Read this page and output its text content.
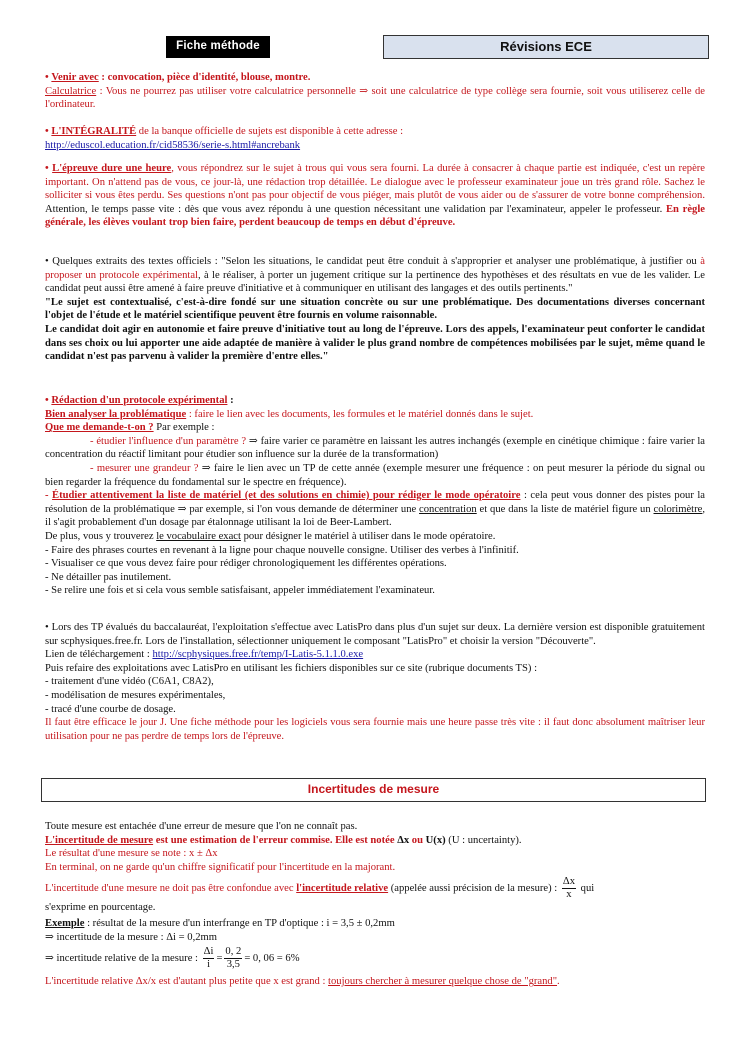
Fiche méthode	Révisions ECE

• Venir avec : convocation, pièce d'identité, blouse, montre.

Calculatrice : Vous ne pourrez pas utiliser votre calculatrice personnelle ⇒ soit une calculatrice de type collège sera fournie, soit vous utiliserez celle de l'ordinateur.

• L'INTÉGRALITÉ de la banque officielle de sujets est disponible à cette adresse :

http://eduscol.education.fr/cid58536/serie-s.html#ancrebank

• L'épreuve dure une heure, vous répondrez sur le sujet à trous qui vous sera fourni. La durée à consacrer à chaque partie est indiquée, c'est un repère important. On n'attend pas de vous, ce jour-là, une rédaction trop détaillée. Le dialogue avec le professeur examinateur joue un très grand rôle. Sachez le solliciter si vous êtes perdu. Ses questions n'ont pas pour objectif de vous piéger, mais plutôt de vous aider ou de s'assurer de votre bonne compréhension. Attention, le temps passe vite : dès que vous avez répondu à une question nécessitant une validation par l'examinateur, appeler le professeur. En règle générale, les élèves voulant trop bien faire, perdent beaucoup de temps en début d'épreuve.

• Quelques extraits des textes officiels : "Selon les situations, le candidat peut être conduit à s'approprier et analyser une problématique, à justifier ou à proposer un protocole expérimental, à le réaliser, à porter un jugement critique sur la pertinence des hypothèses et des résultats en vue de les valider. Le candidat peut aussi être amené à faire preuve d'initiative et à communiquer en utilisant des langages et des outils pertinents."

"Le sujet est contextualisé, c'est-à-dire fondé sur une situation concrète ou sur une problématique. Des documentations diverses concernant l'objet de l'étude et le matériel scientifique peuvent être fournis en volume raisonnable.

Le candidat doit agir en autonomie et faire preuve d'initiative tout au long de l'épreuve. Lors des appels, l'examinateur peut conforter le candidat dans ses choix ou lui apporter une aide adaptée de manière à valider le plus grand nombre de compétences mobilisées par le sujet, même quand le candidat n'est pas parvenu à valider la première d'entre elles."

• Rédaction d'un protocole expérimental :

Bien analyser la problématique : faire le lien avec les documents, les formules et le matériel donnés dans le sujet.

Que me demande-t-on ? Par exemple :

- étudier l'influence d'un paramètre ? ⇒ faire varier ce paramètre en laissant les autres inchangés (exemple en cinétique chimique : faire varier la concentration du réactif limitant pour étudier son influence sur la durée de la transformation)

- mesurer une grandeur ? ⇒ faire le lien avec un TP de cette année (exemple mesurer une fréquence : on peut mesurer la période du signal ou bien regarder la fréquence du fondamental sur le spectre en fréquence).

- Étudier attentivement la liste de matériel (et des solutions en chimie) pour rédiger le mode opératoire : cela peut vous donner des pistes pour la résolution de la problématique ⇒ par exemple, si l'on vous demande de déterminer une concentration et que dans la liste de matériel figure un colorimètre, il s'agit probablement d'un dosage par étalonnage utilisant la loi de Beer-Lambert.

De plus, vous y trouverez le vocabulaire exact pour désigner le matériel à utiliser dans le mode opératoire.

- Faire des phrases courtes en revenant à la ligne pour chaque nouvelle consigne. Utiliser des verbes à l'infinitif.

- Visualiser ce que vous devez faire pour rédiger chronologiquement les différentes opérations.

- Ne détailler pas inutilement.

- Se relire une fois et si cela vous semble satisfaisant, appeler immédiatement l'examinateur.

• Lors des TP évalués du baccalauréat, l'exploitation s'effectue avec LatisPro dans plus d'un sujet sur deux. La dernière version est disponible gratuitement sur scphysiques.free.fr. Lors de l'installation, sélectionner uniquement le composant "LatisPro" et choisir la version "Découverte".

Lien de téléchargement : http://scphysiques.free.fr/temp/I-Latis-5.1.1.0.exe

Puis refaire des exploitations avec LatisPro en utilisant les fichiers disponibles sur ce site (rubrique documents TS) :

- traitement d'une vidéo (C6A1, C8A2),

- modélisation de mesures expérimentales,

- tracé d'une courbe de dosage.

Il faut être efficace le jour J. Une fiche méthode pour les logiciels vous sera fournie mais une heure passe très vite : il faut donc absolument maîtriser leur utilisation pour ne pas perdre de temps lors de l'épreuve.

Incertitudes de mesure

Toute mesure est entachée d'une erreur de mesure que l'on ne connaît pas.

L'incertitude de mesure est une estimation de l'erreur commise. Elle est notée Δx ou U(x) (U : uncertainty).

Le résultat d'une mesure se note : x ± Δx

En terminal, on ne garde qu'un chiffre significatif pour l'incertitude en la majorant.

L'incertitude d'une mesure ne doit pas être confondue avec l'incertitude relative (appelée aussi précision de la mesure) : $\frac{\Delta x}{x}$ qui

s'exprime en pourcentage.

Exemple : résultat de la mesure d'un interfrange en TP d'optique : i = 3,5 ± 0,2mm

⇒ incertitude de la mesure : Δi = 0,2mm

⇒ incertitude relative de la mesure : $\frac{\Delta i}{i} = \frac{0, 2}{3,5} = 0$, 06 = 6%

L'incertitude relative Δx/x est d'autant plus petite que x est grand : toujours chercher à mesurer quelque chose de "grand".
